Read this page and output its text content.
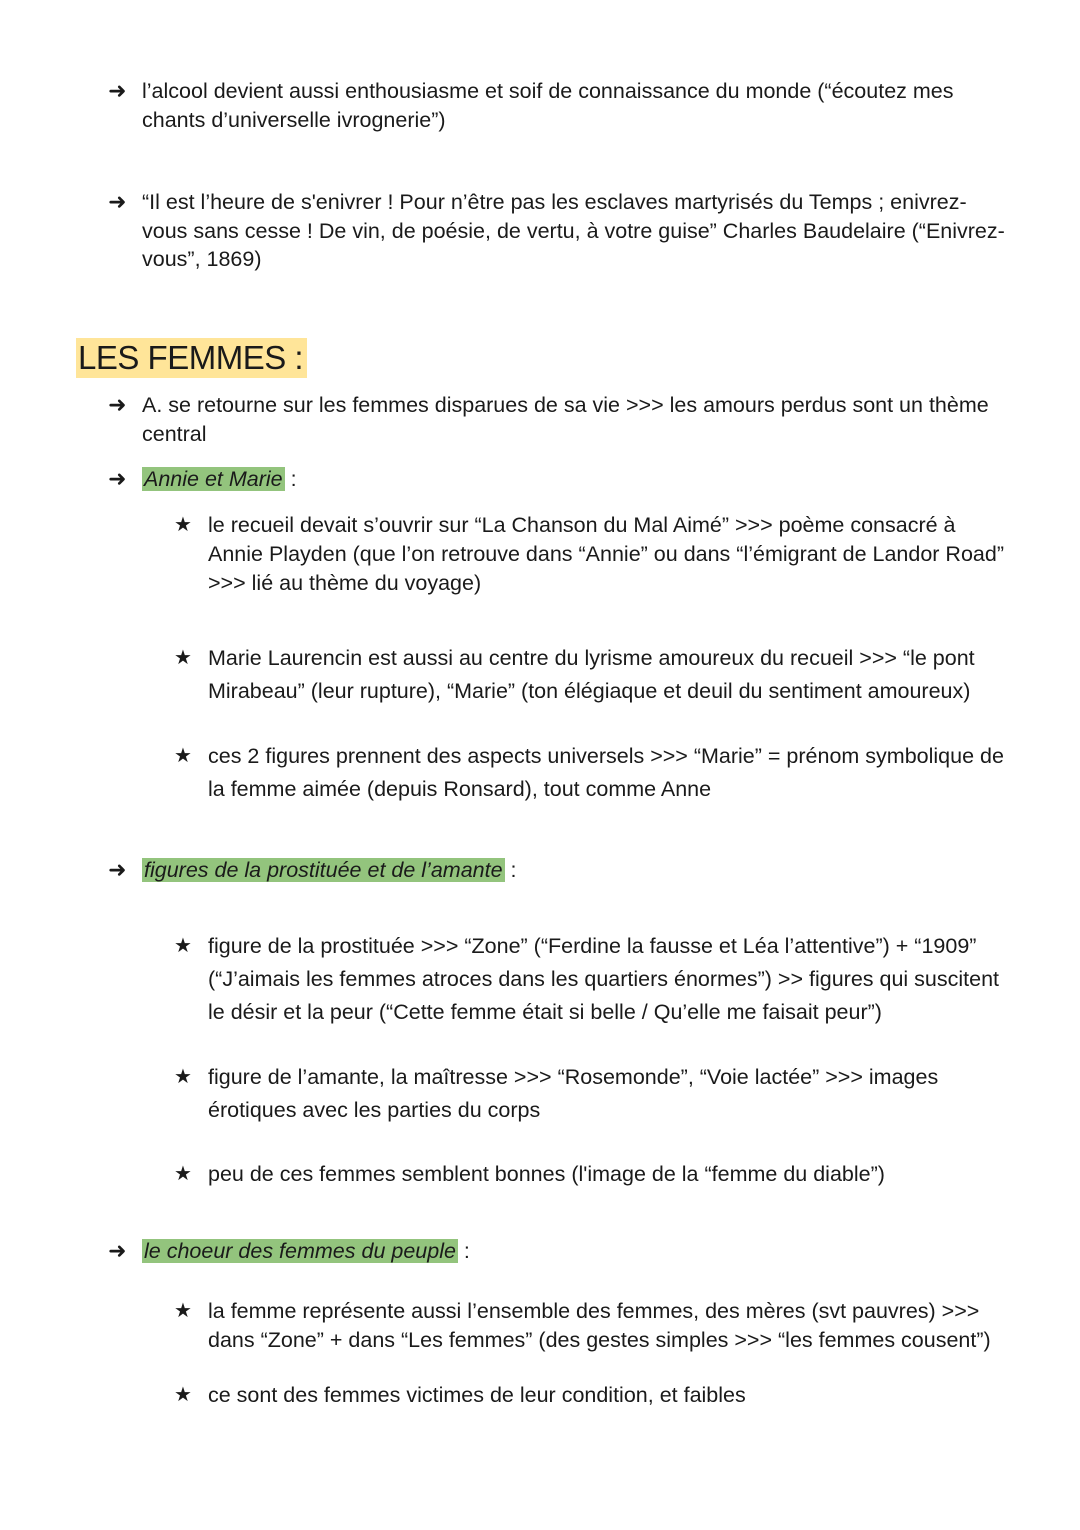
➜ l’alcool devient aussi enthousiasme et soif de connaissance du monde (“écoutez mes chants d’universelle ivrognerie”)
➜ “Il est l’heure de s'enivrer ! Pour n’être pas les esclaves martyrisés du Temps ; enivrez-vous sans cesse ! De vin, de poésie, de vertu, à votre guise” Charles Baudelaire (“Enivrez-vous”, 1869)
LES FEMMES :
➜ A. se retourne sur les femmes disparues de sa vie >>> les amours perdus sont un thème central
➜ Annie et Marie :
★ le recueil devait s’ouvrir sur “La Chanson du Mal Aimé” >>> poème consacré à Annie Playden (que l’on retrouve dans “Annie” ou dans “l’émigrant de Landor Road” >>> lié au thème du voyage)
★ Marie Laurencin est aussi au centre du lyrisme amoureux du recueil >>> “le pont Mirabeau” (leur rupture), “Marie” (ton élégiaque et deuil du sentiment amoureux)
★ ces 2 figures prennent des aspects universels >>> “Marie” = prénom symbolique de la femme aimée (depuis Ronsard), tout comme Anne
➜ figures de la prostituée et de l’amante :
★ figure de la prostituée >>> “Zone” (“Ferdine la fausse et Léa l’attentive”) + “1909” (“J’aimais les femmes atroces dans les quartiers énormes”) >> figures qui suscitent le désir et la peur (“Cette femme était si belle / Qu’elle me faisait peur”)
★ figure de l’amante, la maîtresse >>> “Rosemonde”, “Voie lactée” >>> images érotiques avec les parties du corps
★ peu de ces femmes semblent bonnes (l'image de la “femme du diable”)
➜ le choeur des femmes du peuple :
★ la femme représente aussi l’ensemble des femmes, des mères (svt pauvres) >>> dans “Zone” + dans “Les femmes” (des gestes simples >>> “les femmes cousent”)
★ ce sont des femmes victimes de leur condition, et faibles
